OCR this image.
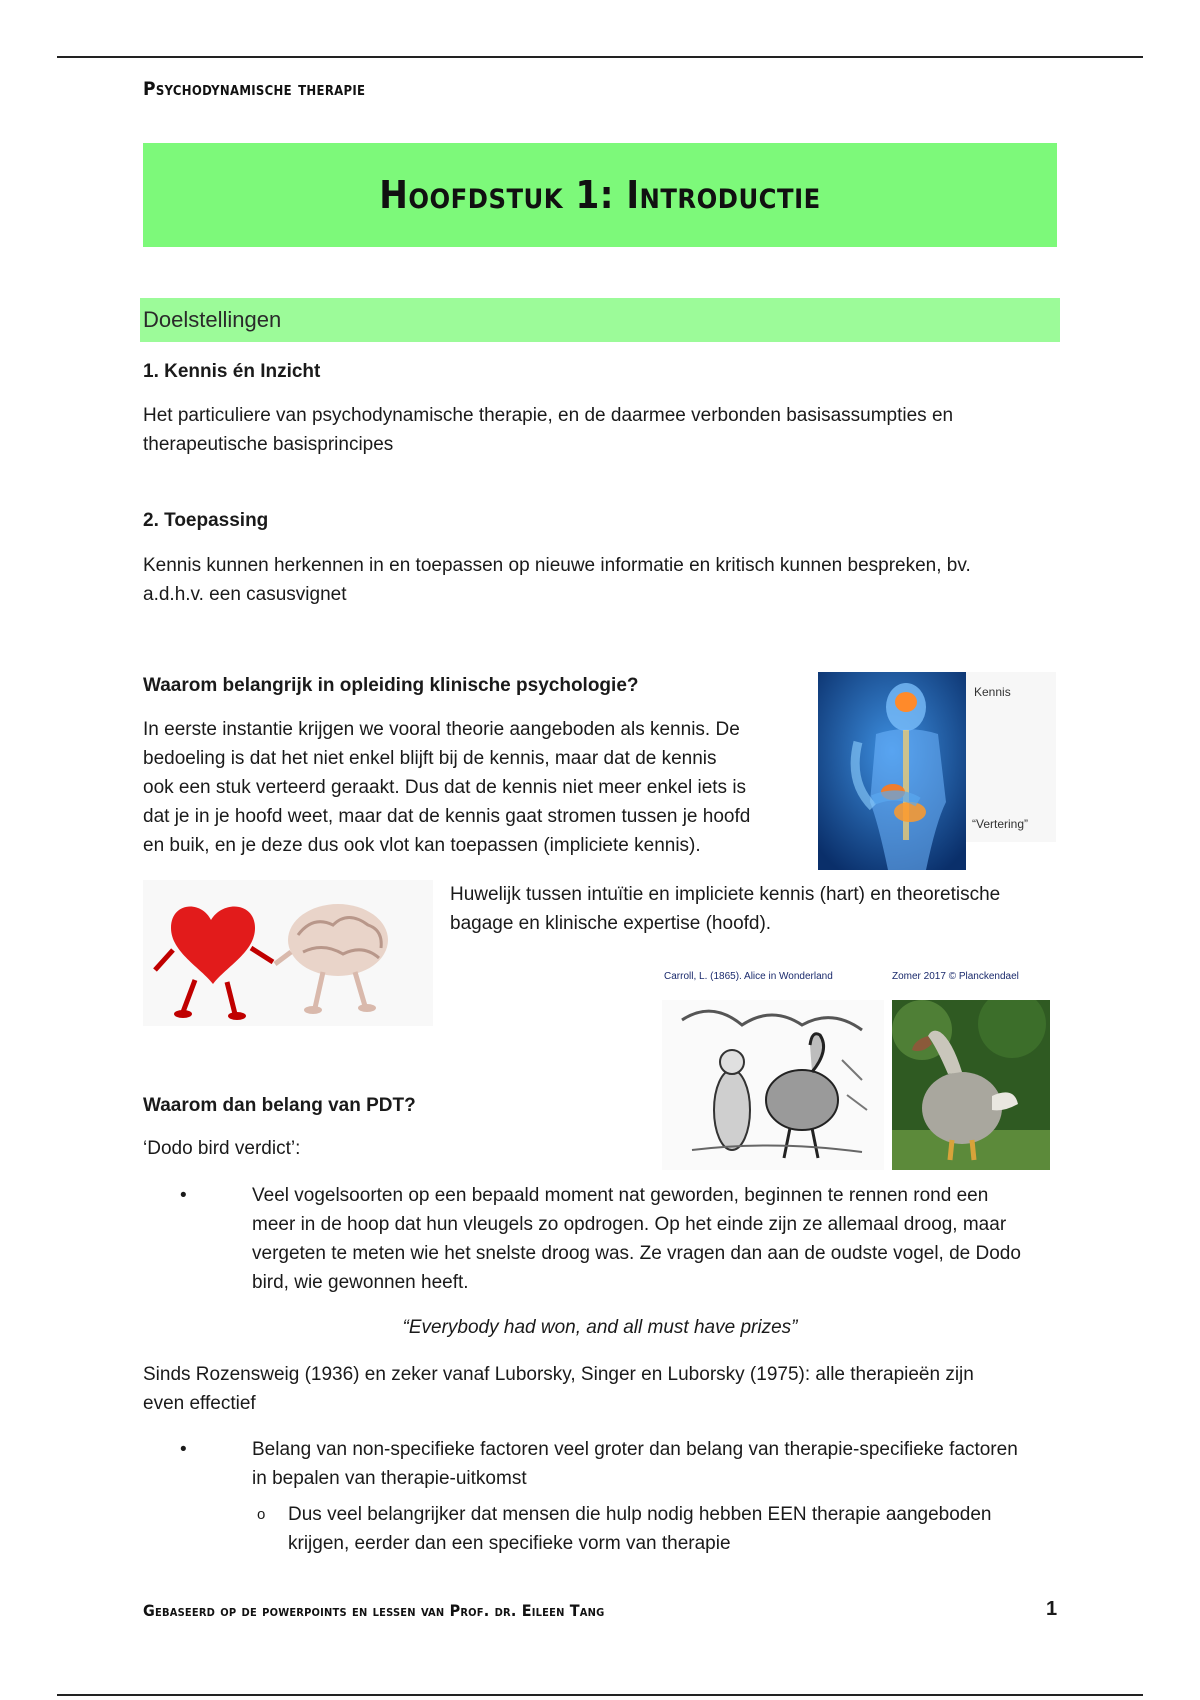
Psychodynamische therapie
Hoofdstuk 1: Introductie
Doelstellingen
1. Kennis én Inzicht
Het particuliere van psychodynamische therapie, en de daarmee verbonden basisassumpties en
therapeutische basisprincipes
2. Toepassing
Kennis kunnen herkennen in en toepassen op nieuwe informatie en kritisch kunnen bespreken, bv.
a.d.h.v. een casusvignet
Waarom belangrijk in opleiding klinische psychologie?
In eerste instantie krijgen we vooral theorie aangeboden als kennis. De
bedoeling is dat het niet enkel blijft bij de kennis, maar dat de kennis
ook een stuk verteerd geraakt. Dus dat de kennis niet meer enkel iets is
dat je in je hoofd weet, maar dat de kennis gaat stromen tussen je hoofd
en buik, en je deze dus ook vlot kan toepassen (impliciete kennis).
Kennis
“Vertering”
Huwelijk tussen intuïtie en impliciete kennis (hart) en theoretische
bagage en klinische expertise (hoofd).
Carroll, L. (1865). Alice in Wonderland	Zomer 2017 © Planckendael
Waarom dan belang van PDT?
‘Dodo bird verdict’:
•	Veel vogelsoorten op een bepaald moment nat geworden, beginnen te rennen rond een
meer in de hoop dat hun vleugels zo opdrogen. Op het einde zijn ze allemaal droog, maar
vergeten te meten wie het snelste droog was. Ze vragen dan aan de oudste vogel, de Dodo
bird, wie gewonnen heeft.
“Everybody had won, and all must have prizes”
Sinds Rozensweig (1936) en zeker vanaf Luborsky, Singer en Luborsky (1975): alle therapieën zijn
even effectief
•	Belang van non-specifieke factoren veel groter dan belang van therapie-specifieke factoren
in bepalen van therapie-uitkomst
o Dus veel belangrijker dat mensen die hulp nodig hebben EEN therapie aangeboden
krijgen, eerder dan een specifieke vorm van therapie
Gebaseerd op de powerpoints en lessen van Prof. dr. Eileen Tang	1
